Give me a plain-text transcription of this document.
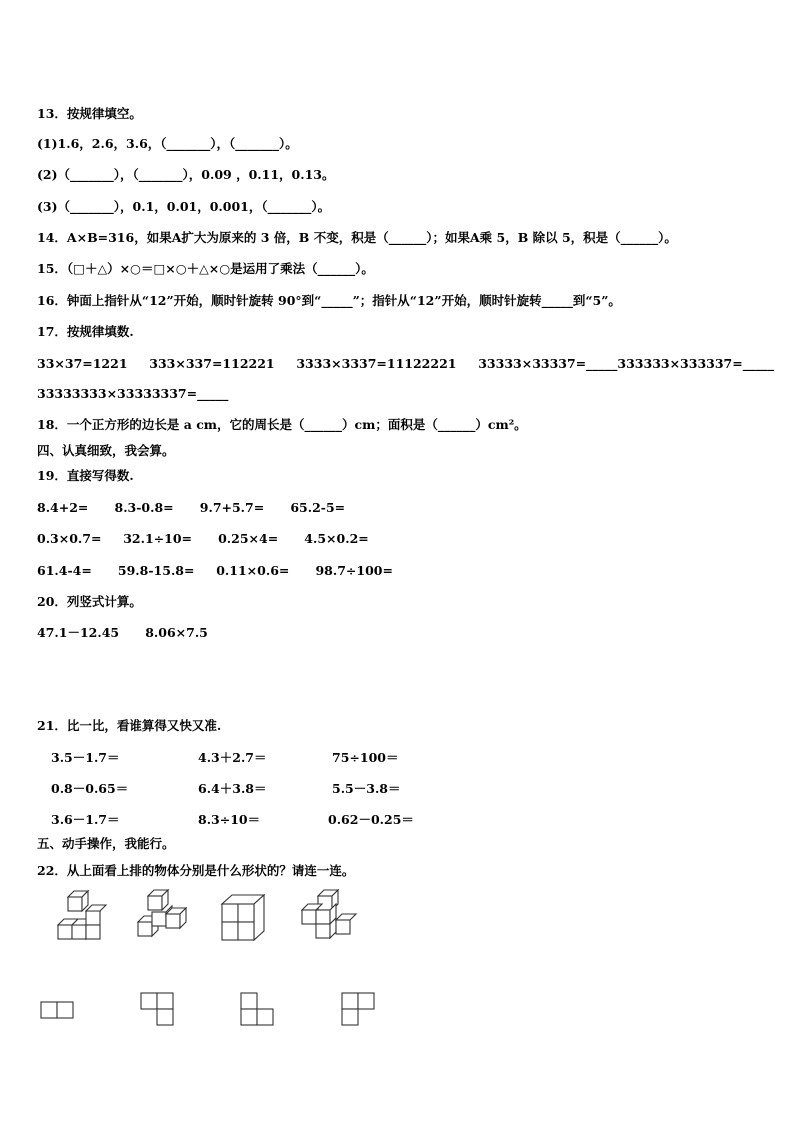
13．按规律填空。
(1)1.6，2.6，3.6，（_______），（_______）。
(2)（_______），（_______），0.09 ，0.11，0.13。
(3)（_______），0.1，0.01，0.001，（_______）。
14．A×B=316，如果A扩大为原来的 3 倍，B 不变，积是（______）；如果A乘 5，B 除以 5，积是（______）。
15．（□＋△）×○＝□×○＋△×○是运用了乘法（______）。
16．钟面上指针从“12”开始，顺时针旋转 90°到“_____”；指针从“12”开始，顺时针旋转_____到“5”。
17．按规律填数.
33×37=1221     333×337=112221     3333×3337=11122221     33333×33337=_____333333×333337=_____
33333333×33333337=_____
18．一个正方形的边长是 a cm，它的周长是（______）cm；面积是（______）cm²。
四、认真细致，我会算。
19．直接写得数.
8.4+2=      8.3-0.8=      9.7+5.7=      65.2-5=
0.3×0.7=     32.1÷10=      0.25×4=      4.5×0.2=
61.4-4=      59.8-15.8=     0.11×0.6=      98.7÷100=
20．列竖式计算。
47.1－12.45      8.06×7.5
21．比一比，看谁算得又快又准.
3.5－1.7＝	4.3＋2.7＝	75÷100＝
0.8－0.65＝	6.4＋3.8＝	5.5－3.8＝
3.6－1.7＝	8.3÷10＝	0.62－0.25＝
五、动手操作，我能行。
22．从上面看上排的物体分别是什么形状的？请连一连。
